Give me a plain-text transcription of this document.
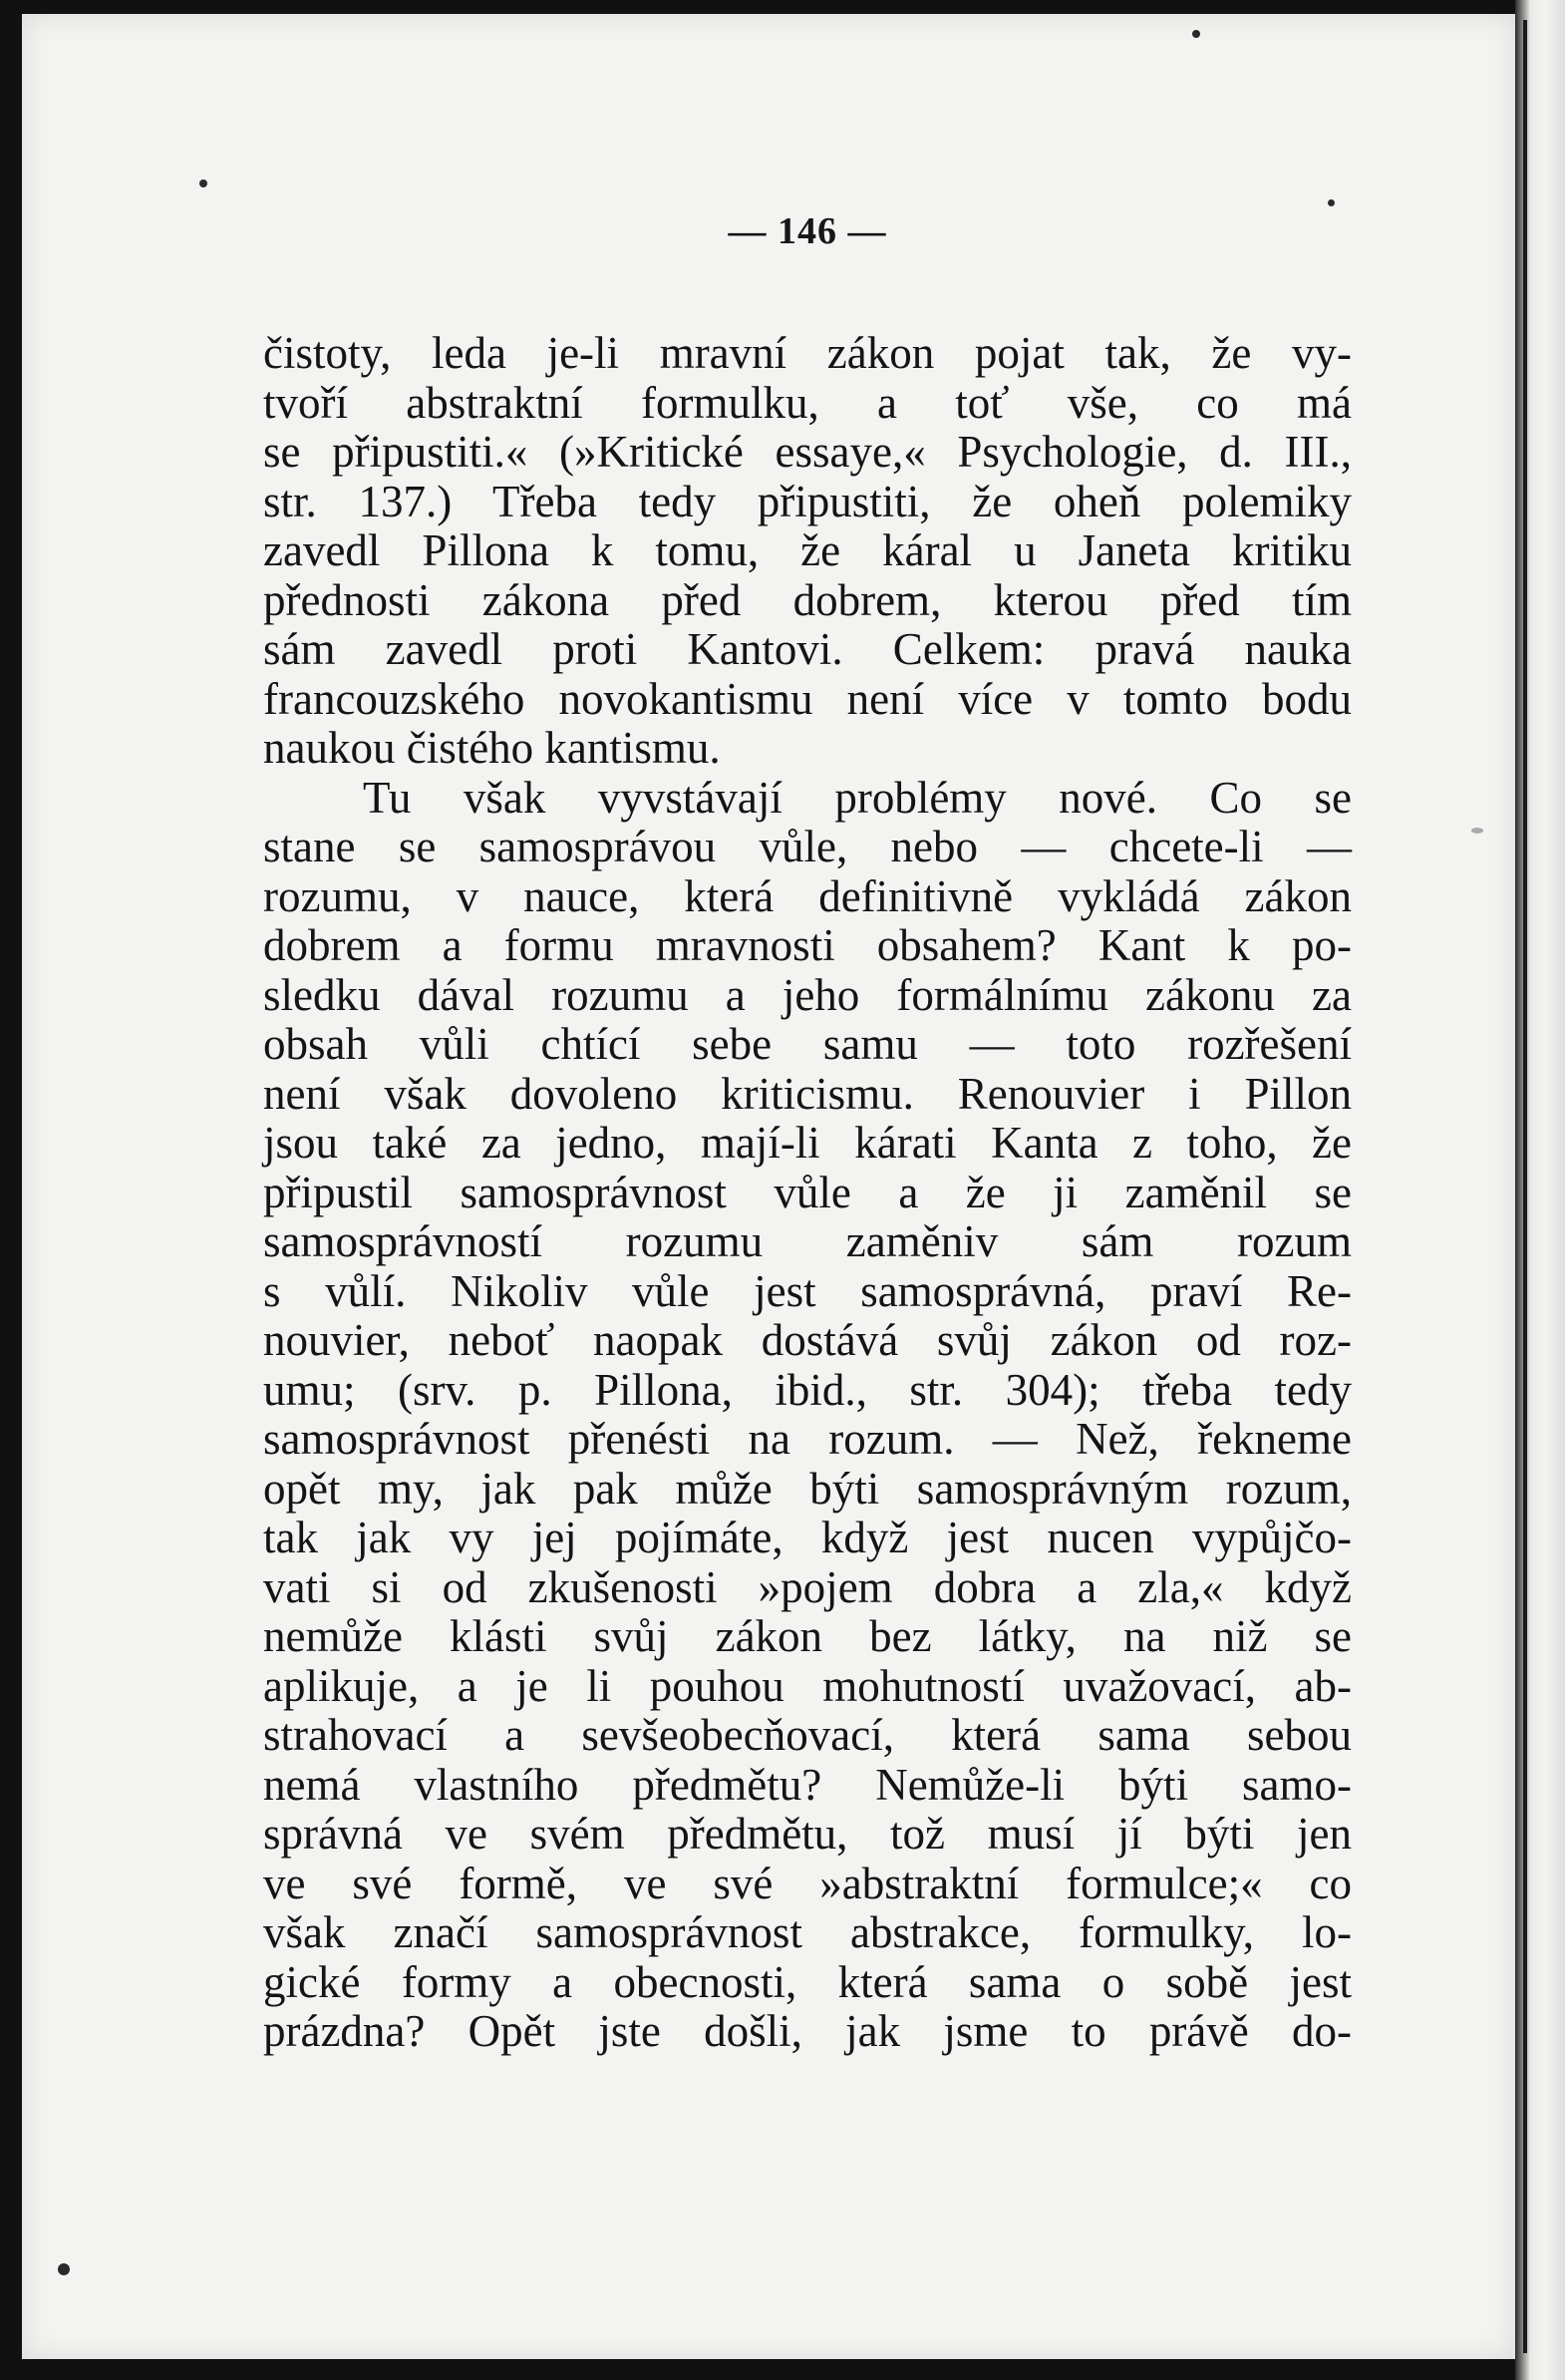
— 146 —
čistoty, leda je-li mravní zákon pojat tak, že vy-
tvoří abstraktní formulku, a toť vše, co má
se připustiti.« (»Kritické essaye,« Psychologie, d. III.,
str. 137.) Třeba tedy připustiti, že oheň polemiky
zavedl Pillona k tomu, že káral u Janeta kritiku
přednosti zákona před dobrem, kterou před tím
sám zavedl proti Kantovi. Celkem: pravá nauka
francouzského novokantismu není více v tomto bodu
naukou čistého kantismu.
Tu však vyvstávají problémy nové. Co se
stane se samosprávou vůle, nebo — chcete-li —
rozumu, v nauce, která definitivně vykládá zákon
dobrem a formu mravnosti obsahem? Kant k po-
sledku dával rozumu a jeho formálnímu zákonu za
obsah vůli chtící sebe samu — toto rozřešení
není však dovoleno kriticismu. Renouvier i Pillon
jsou také za jedno, mají-li kárati Kanta z toho, že
připustil samosprávnost vůle a že ji zaměnil se
samosprávností rozumu zaměniv sám rozum
s vůlí. Nikoliv vůle jest samosprávná, praví Re-
nouvier, neboť naopak dostává svůj zákon od roz-
umu; (srv. p. Pillona, ibid., str. 304); třeba tedy
samosprávnost přenésti na rozum. — Než, řekneme
opět my, jak pak může býti samosprávným rozum,
tak jak vy jej pojímáte, když jest nucen vypůjčo-
vati si od zkušenosti »pojem dobra a zla,« když
nemůže klásti svůj zákon bez látky, na niž se
aplikuje, a je li pouhou mohutností uvažovací, ab-
strahovací a sevšeobecňovací, která sama sebou
nemá vlastního předmětu? Nemůže-li býti samo-
správná ve svém předmětu, tož musí jí býti jen
ve své formě, ve své »abstraktní formulce;« co
však značí samosprávnost abstrakce, formulky, lo-
gické formy a obecnosti, která sama o sobě jest
prázdna? Opět jste došli, jak jsme to právě do-
